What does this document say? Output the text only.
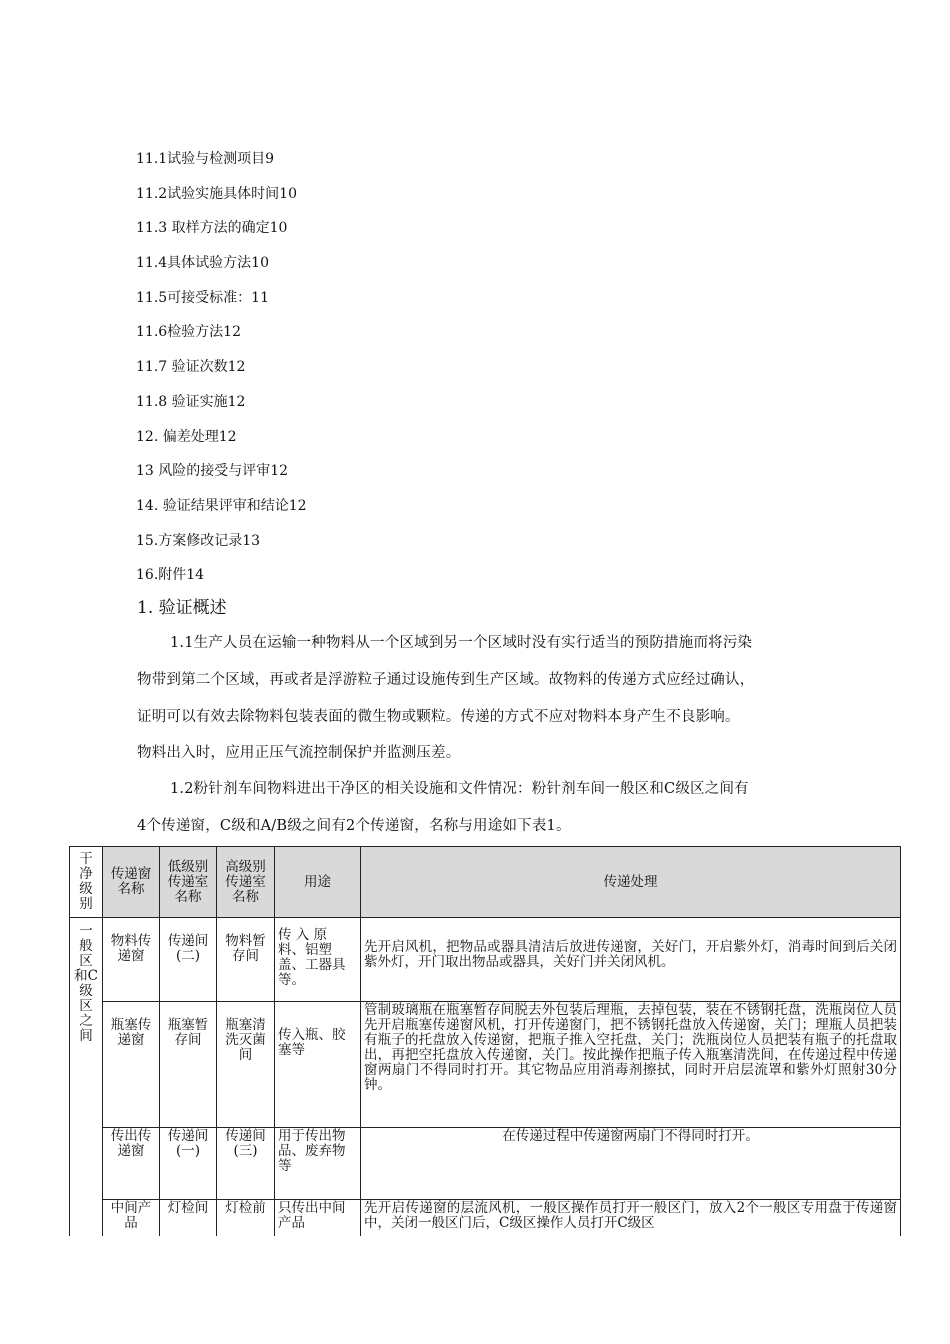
11.1试验与检测项目9
11.2试验实施具体时间10
11.3 取样方法的确定10
11.4具体试验方法10
11.5可接受标准：11
11.6检验方法12
11.7 验证次数12
11.8 验证实施12
12. 偏差处理12
13 风险的接受与评审12
14. 验证结果评审和结论12
15.方案修改记录13
16.附件14
1. 验证概述
1.1生产人员在运输一种物料从一个区域到另一个区域时没有实行适当的预防措施而将污染
物带到第二个区域，再或者是浮游粒子通过设施传到生产区域。故物料的传递方式应经过确认，
证明可以有效去除物料包装表面的微生物或颗粒。传递的方式不应对物料本身产生不良影响。
物料出入时，应用正压气流控制保护并监测压差。
1.2粉针剂车间物料进出干净区的相关设施和文件情况：粉针剂车间一般区和C级区之间有
4个传递窗，C级和A/B级之间有2个传递窗，名称与用途如下表1。
干净级别	传递窗名称	低级别传递室名称	高级别传递室名称	用途	传递处理

一般区和C级区之间	物料传递窗	传递间(二)	物料暂存间	传 入 原 料、铝塑盖、工器具等。	先开启风机，把物品或器具清洁后放进传递窗，关好门，开启紫外灯，消毒时间到后关闭紫外灯，开门取出物品或器具，关好门并关闭风机。
	瓶塞传递窗	瓶塞暂存间	瓶塞清洗灭菌间	传入瓶、胶塞等	管制玻璃瓶在瓶塞暂存间脱去外包装后理瓶，去掉包装，装在不锈钢托盘，洗瓶岗位人员先开启瓶塞传递窗风机，打开传递窗门，把不锈钢托盘放入传递窗，关门；理瓶人员把装有瓶子的托盘放入传递窗，把瓶子推入空托盘，关门；洗瓶岗位人员把装有瓶子的托盘取出，再把空托盘放入传递窗，关门。按此操作把瓶子传入瓶塞清洗间，在传递过程中传递窗两扇门不得同时打开。其它物品应用消毒剂擦拭，同时开启层流罩和紫外灯照射30分钟。
	传出传递窗	传递间(一)	传递间(三)	用于传出物品、废弃物等	在传递过程中传递窗两扇门不得同时打开。
	中间产品	灯检间	灯检前	只传出中间产品	先开启传递窗的层流风机，一般区操作员打开一般区门，放入2个一般区专用盘于传递窗中，关闭一般区门后，C级区操作人员打开C级区
